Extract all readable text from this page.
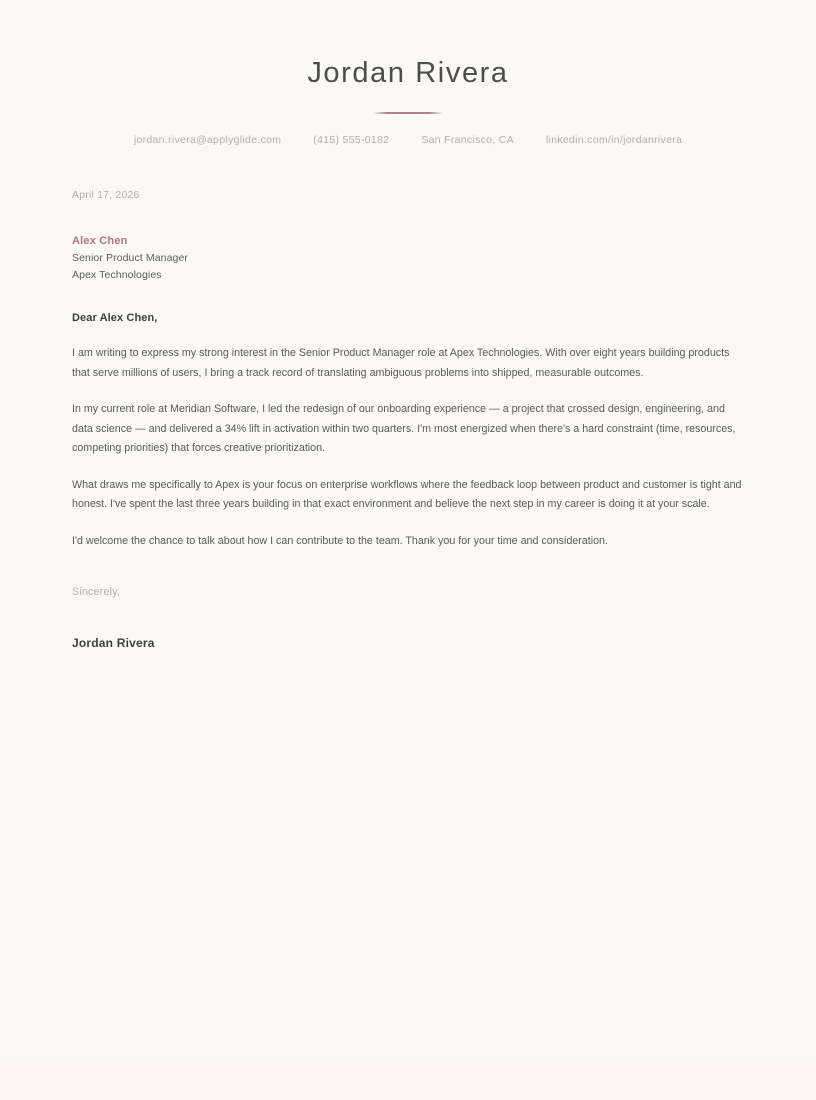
Jordan Rivera
jordan.rivera@applyglide.com	(415) 555-0182	San Francisco, CA	linkedin.com/in/jordanrivera
April 17, 2026
Alex Chen
Senior Product Manager
Apex Technologies
Dear Alex Chen,

I am writing to express my strong interest in the Senior Product Manager role at Apex Technologies. With over eight years building products that serve millions of users, I bring a track record of translating ambiguous problems into shipped, measurable outcomes.

In my current role at Meridian Software, I led the redesign of our onboarding experience — a project that crossed design, engineering, and data science — and delivered a 34% lift in activation within two quarters. I'm most energized when there's a hard constraint (time, resources, competing priorities) that forces creative prioritization.

What draws me specifically to Apex is your focus on enterprise workflows where the feedback loop between product and customer is tight and honest. I've spent the last three years building in that exact environment and believe the next step in my career is doing it at your scale.

I'd welcome the chance to talk about how I can contribute to the team. Thank you for your time and consideration.

Sincerely,
Jordan Rivera
